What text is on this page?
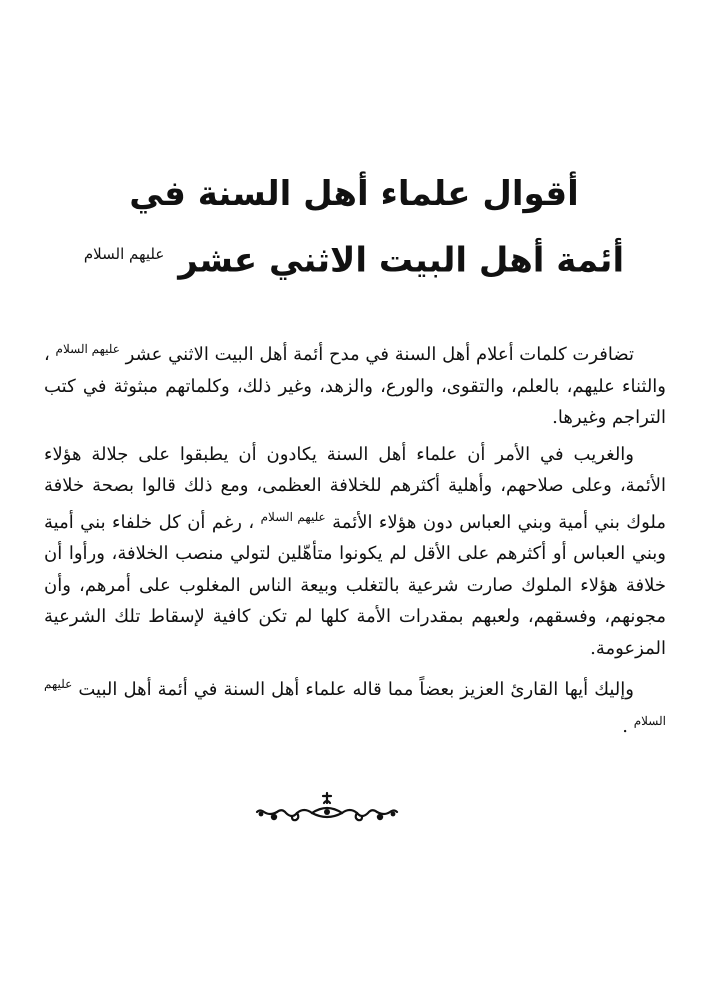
أقوال علماء أهل السنة في
أئمة أهل البيت الاثني عشر $^{عليهم السلام}$

تضافرت كلمات أعلام أهل السنة في مدح أئمة أهل البيت الاثني عشر $^{عليهم السلام}$ ، والثناء عليهم، بالعلم، والتقوى، والورع، والزهد، وغير ذلك، وكلماتهم مبثوثة في كتب التراجم وغيرها.

والغريب في الأمر أن علماء أهل السنة يكادون أن يطبقوا على جلالة هؤلاء الأئمة، وعلى صلاحهم، وأهلية أكثرهم للخلافة العظمى، ومع ذلك قالوا بصحة خلافة ملوك بني أمية وبني العباس دون هؤلاء الأئمة $^{عليهم السلام}$ ، رغم أن كل خلفاء بني أمية وبني العباس أو أكثرهم على الأقل لم يكونوا متأهّلين لتولي منصب الخلافة، ورأوا أن خلافة هؤلاء الملوك صارت شرعية بالتغلب وبيعة الناس المغلوب على أمرهم، وأن مجونهم، وفسقهم، ولعبهم بمقدرات الأمة كلها لم تكن كافية لإسقاط تلك الشرعية المزعومة.

وإليك أيها القارئ العزيز بعضاً مما قاله علماء أهل السنة في أئمة أهل البيت $^{عليهم السلام}$ .
